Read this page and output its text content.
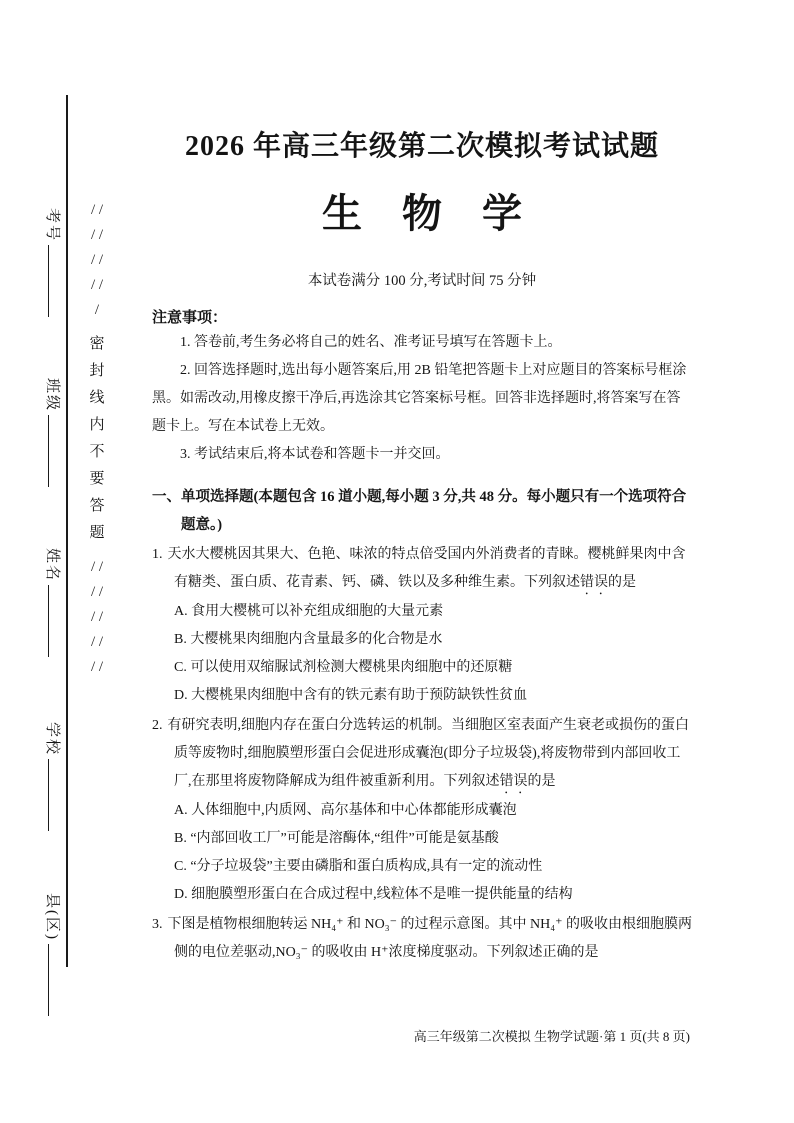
考号
班级
姓名
学校
县(区)
/ / / / / / / / /
密封线内不要答题
/ / / / / / / / / /
2026 年高三年级第二次模拟考试试题
生　物　学
本试卷满分 100 分,考试时间 75 分钟
注意事项：

1. 答卷前,考生务必将自己的姓名、准考证号填写在答题卡上。

2. 回答选择题时,选出每小题答案后,用 2B 铅笔把答题卡上对应题目的答案标号框涂黑。如需改动,用橡皮擦干净后,再选涂其它答案标号框。回答非选择题时,将答案写在答题卡上。写在本试卷上无效。

3. 考试结束后,将本试卷和答题卡一并交回。

一、单项选择题(本题包含 16 道小题,每小题 3 分,共 48 分。每小题只有一个选项符合题意。)

1. 天水大樱桃因其果大、色艳、味浓的特点倍受国内外消费者的青睐。樱桃鲜果肉中含有糖类、蛋白质、花青素、钙、磷、铁以及多种维生素。下列叙述错误的是

A. 食用大樱桃可以补充组成细胞的大量元素

B. 大樱桃果肉细胞内含量最多的化合物是水

C. 可以使用双缩脲试剂检测大樱桃果肉细胞中的还原糖

D. 大樱桃果肉细胞中含有的铁元素有助于预防缺铁性贫血

2. 有研究表明,细胞内存在蛋白分选转运的机制。当细胞区室表面产生衰老或损伤的蛋白质等废物时,细胞膜塑形蛋白会促进形成囊泡(即分子垃圾袋),将废物带到内部回收工厂,在那里将废物降解成为组件被重新利用。下列叙述错误的是

A. 人体细胞中,内质网、高尔基体和中心体都能形成囊泡

B. “内部回收工厂”可能是溶酶体,“组件”可能是氨基酸

C. “分子垃圾袋”主要由磷脂和蛋白质构成,具有一定的流动性

D. 细胞膜塑形蛋白在合成过程中,线粒体不是唯一提供能量的结构

3. 下图是植物根细胞转运 NH₄⁺ 和 NO₃⁻ 的过程示意图。其中 NH₄⁺ 的吸收由根细胞膜两侧的电位差驱动,NO₃⁻ 的吸收由 H⁺浓度梯度驱动。下列叙述正确的是

高三年级第二次模拟 生物学试题·第 1 页(共 8 页)
